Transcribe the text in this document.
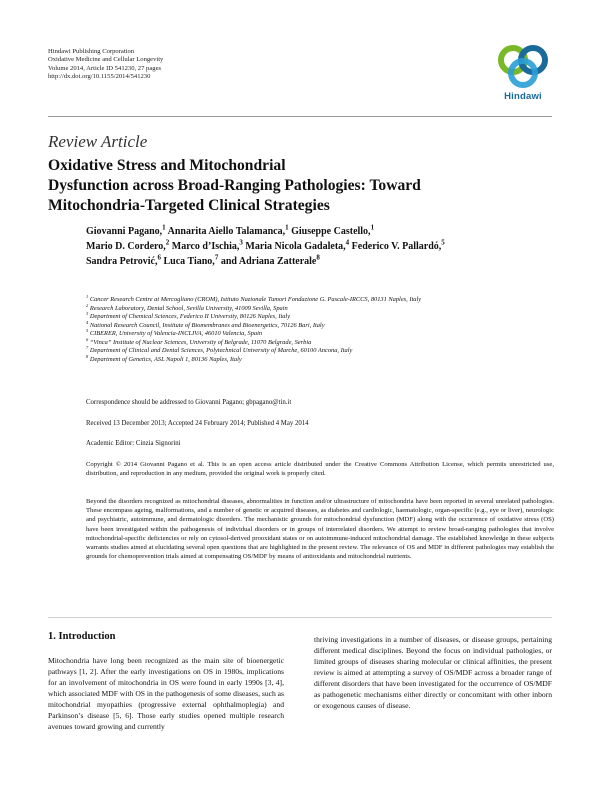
Hindawi Publishing Corporation
Oxidative Medicine and Cellular Longevity
Volume 2014, Article ID 541230, 27 pages
http://dx.doi.org/10.1155/2014/541230
Hindawi
Review Article
Oxidative Stress and Mitochondrial
Dysfunction across Broad-Ranging Pathologies: Toward
Mitochondria-Targeted Clinical Strategies
Giovanni Pagano,$^1$ Annarita Aiello Talamanca,$^1$ Giuseppe Castello,$^1$
Mario D. Cordero,$^2$ Marco d’Ischia,$^3$ Maria Nicola Gadaleta,$^4$ Federico V. Pallardó,$^5$
Sandra Petrović,$^6$ Luca Tiano,$^7$ and Adriana Zatterale$^8$
$^1$ Cancer Research Centre at Mercogliano (CROM), Istituto Nazionale Tumori Fondazione G. Pascale-IRCCS, 80131 Naples, Italy
$^2$ Research Laboratory, Dental School, Sevilla University, 41009 Sevilla, Spain
$^3$ Department of Chemical Sciences, Federico II University, 80126 Naples, Italy
$^4$ National Research Council, Institute of Biomembranes and Bioenergetics, 70126 Bari, Italy
$^5$ CIBERER, University of Valencia-INCLIVA, 46010 Valencia, Spain
$^6$ “Vinca” Institute of Nuclear Sciences, University of Belgrade, 11070 Belgrade, Serbia
$^7$ Department of Clinical and Dental Sciences, Polytechnical University of Marche, 60100 Ancona, Italy
$^8$ Department of Genetics, ASL Napoli 1, 80136 Naples, Italy
Correspondence should be addressed to Giovanni Pagano; gbpagano@tin.it
Received 13 December 2013; Accepted 24 February 2014; Published 4 May 2014
Academic Editor: Cinzia Signorini
Copyright © 2014 Giovanni Pagano et al. This is an open access article distributed under the Creative Commons Attribution License, which permits unrestricted use, distribution, and reproduction in any medium, provided the original work is properly cited.
Beyond the disorders recognized as mitochondrial diseases, abnormalities in function and/or ultrastructure of mitochondria have been reported in several unrelated pathologies. These encompass ageing, malformations, and a number of genetic or acquired diseases, as diabetes and cardiologic, haematologic, organ-specific (e.g., eye or liver), neurologic and psychiatric, autoimmune, and dermatologic disorders. The mechanistic grounds for mitochondrial dysfunction (MDF) along with the occurrence of oxidative stress (OS) have been investigated within the pathogenesis of individual disorders or in groups of interrelated disorders. We attempt to review broad-ranging pathologies that involve mitochondrial-specific deficiencies or rely on cytosol-derived prooxidant states or on autoimmune-induced mitochondrial damage. The established knowledge in these subjects warrants studies aimed at elucidating several open questions that are highlighted in the present review. The relevance of OS and MDF in different pathologies may establish the grounds for chemoprevention trials aimed at compensating OS/MDF by means of antioxidants and mitochondrial nutrients.
1. Introduction
Mitochondria have long been recognized as the main site of bioenergetic pathways [1, 2]. After the early investigations on OS in 1980s, implications for an involvement of mitochondria in OS were found in early 1990s [3, 4], which associated MDF with OS in the pathogenesis of some diseases, such as mitochondrial myopathies (progressive external ophthalmoplegia) and Parkinson’s disease [5, 6]. Those early studies opened multiple research avenues toward growing and currently
thriving investigations in a number of diseases, or disease groups, pertaining different medical disciplines. Beyond the focus on individual pathologies, or limited groups of diseases sharing molecular or clinical affinities, the present review is aimed at attempting a survey of OS/MDF across a broader range of different disorders that have been investigated for the occurrence of OS/MDF as pathogenetic mechanisms either directly or concomitant with other inborn or exogenous causes of disease.
